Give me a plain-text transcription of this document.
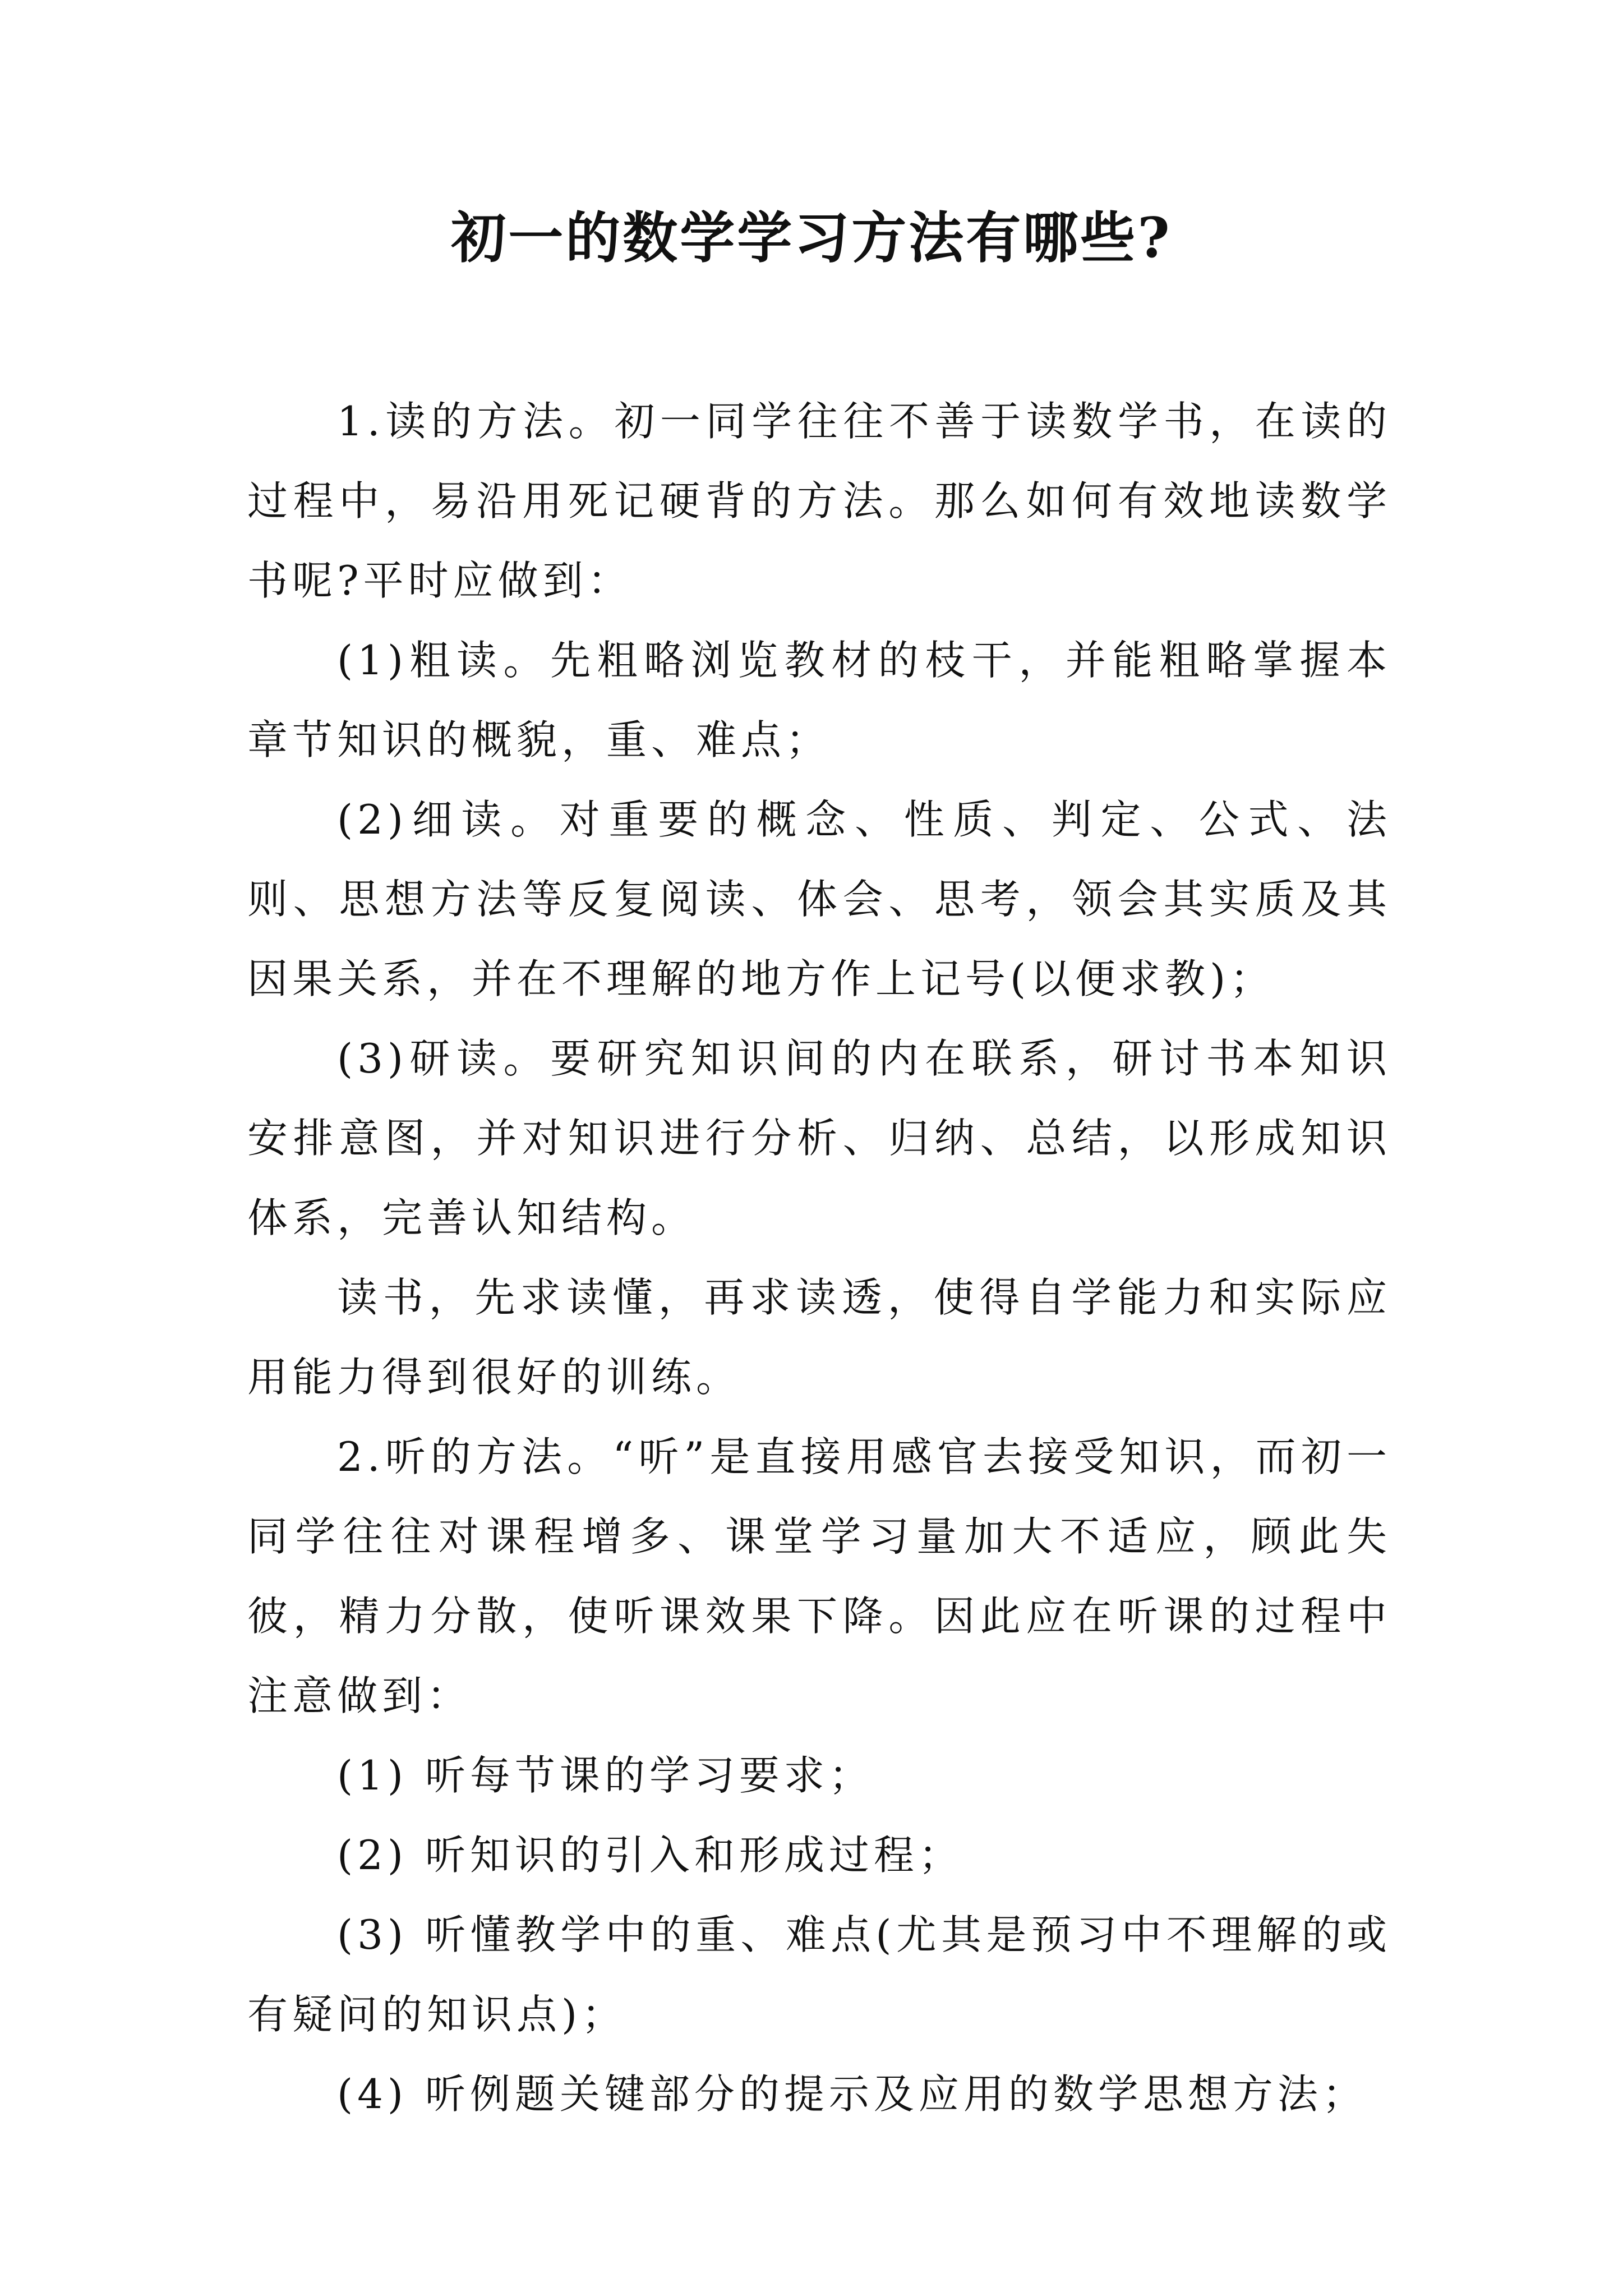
初一的数学学习方法有哪些?

1.读的方法。初一同学往往不善于读数学书，在读的过程中，易沿用死记硬背的方法。那么如何有效地读数学书呢?平时应做到：

(1)粗读。先粗略浏览教材的枝干，并能粗略掌握本章节知识的概貌，重、难点；

(2)细读。对重要的概念、性质、判定、公式、法则、思想方法等反复阅读、体会、思考，领会其实质及其因果关系，并在不理解的地方作上记号(以便求教)；

(3)研读。要研究知识间的内在联系，研讨书本知识安排意图，并对知识进行分析、归纳、总结，以形成知识体系，完善认知结构。

读书，先求读懂，再求读透，使得自学能力和实际应用能力得到很好的训练。

2.听的方法。“听”是直接用感官去接受知识，而初一同学往往对课程增多、课堂学习量加大不适应，顾此失彼，精力分散，使听课效果下降。因此应在听课的过程中注意做到：

(1) 听每节课的学习要求；

(2) 听知识的引入和形成过程；

(3) 听懂教学中的重、难点(尤其是预习中不理解的或有疑问的知识点)；

(4) 听例题关键部分的提示及应用的数学思想方法；
